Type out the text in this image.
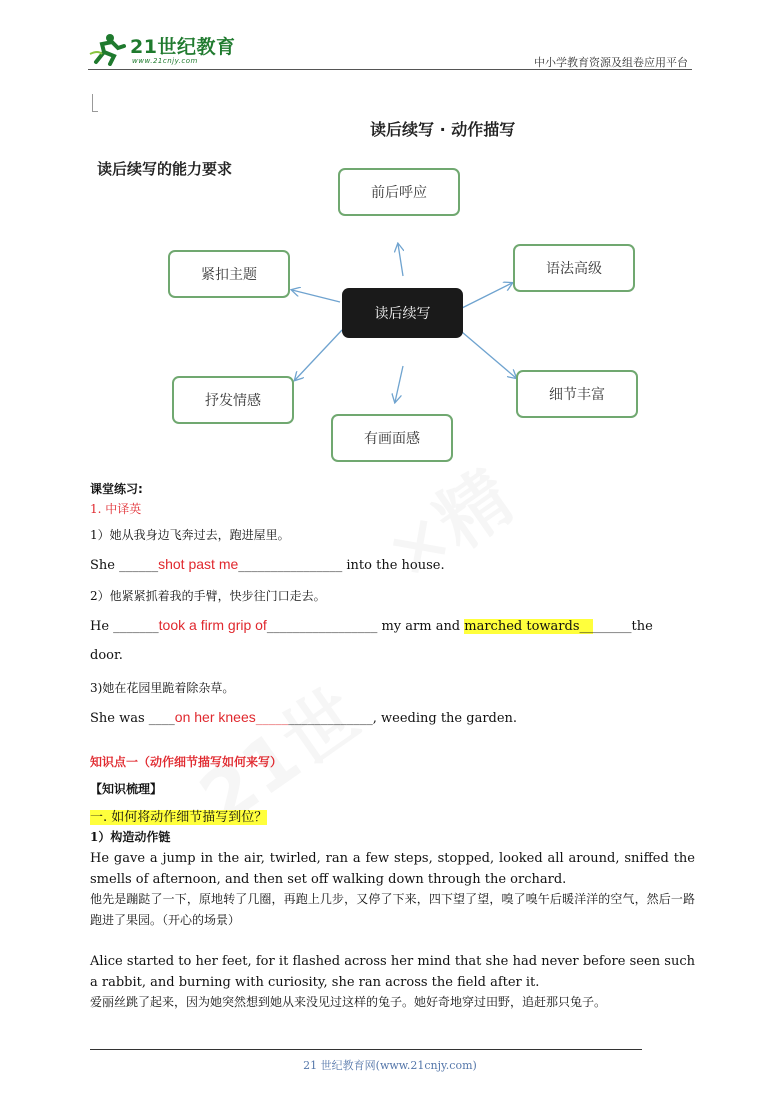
21世纪教育
www.21cnjy.com	中小学教育资源及组卷应用平台
读后续写 · 动作描写
读后续写的能力要求
读后续写
前后呼应
紧扣主题	语法高级
抒发情感	细节丰富
有画面感
课堂练习:
1. 中译英
1）她从我身边飞奔过去，跑进屋里。
She ______shot past me________________ into the house.
2）他紧紧抓着我的手臂，快步往门口走去。
He _______took a firm grip of_________________ my arm and marched towards________the
door.
3)她在花园里跪着除杂草。
She was ____on her knees__________________, weeding the garden.
知识点一（动作细节描写如何来写）
【知识梳理】
一. 如何将动作细节描写到位？
1）构造动作链
He gave a jump in the air, twirled, ran a few steps, stopped, looked all around, sniffed the smells of afternoon, and then set off walking down through the orchard.
他先是蹦跶了一下，原地转了几圈，再跑上几步，又停了下来，四下望了望，嗅了嗅午后暖洋洋的空气，然后一路跑进了果园。（开心的场景）
Alice started to her feet, for it flashed across her mind that she had never before seen such a rabbit, and burning with curiosity, she ran across the field after it.
爱丽丝跳了起来，因为她突然想到她从来没见过这样的兔子。她好奇地穿过田野，追赶那只兔子。
21 世纪教育网(www.21cnjy.com)
